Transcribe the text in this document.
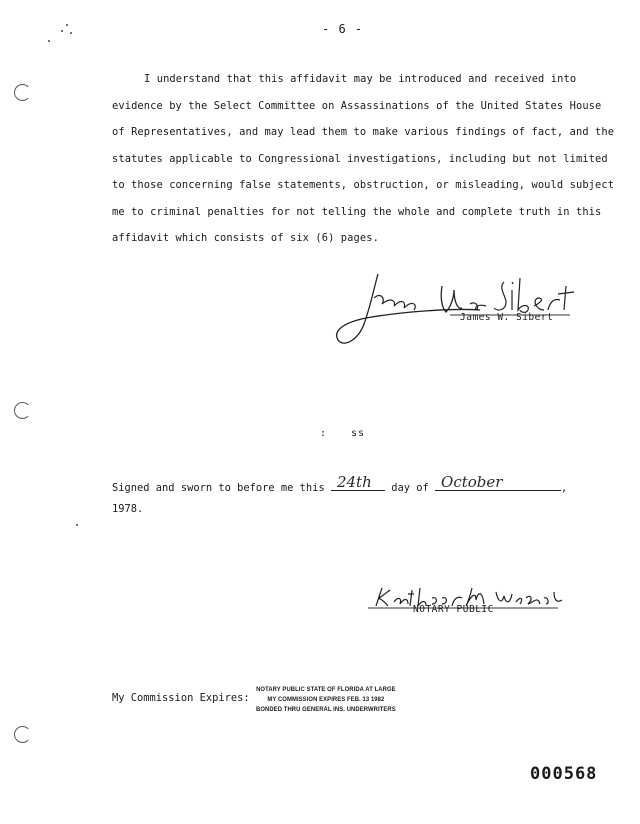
- 6 -
I understand that this affidavit may be introduced and received into
evidence by the Select Committee on Assassinations of the United States House
of Representatives, and may lead them to make various findings of fact, and the
statutes applicable to Congressional investigations, including but not limited
to those concerning false statements, obstruction, or misleading, would subject
me to criminal penalties for not telling the whole and complete truth in this
affidavit which consists of six (6) pages.
James W. Sibert
: ss
Signed and sworn to before me this 24th day of October	,
1978.
NOTARY PUBLIC
My Commission Expires:
NOTARY PUBLIC STATE OF FLORIDA AT LARGE
MY COMMISSION EXPIRES FEB. 13 1982
BONDED THRU GENERAL INS. UNDERWRITERS
000568
